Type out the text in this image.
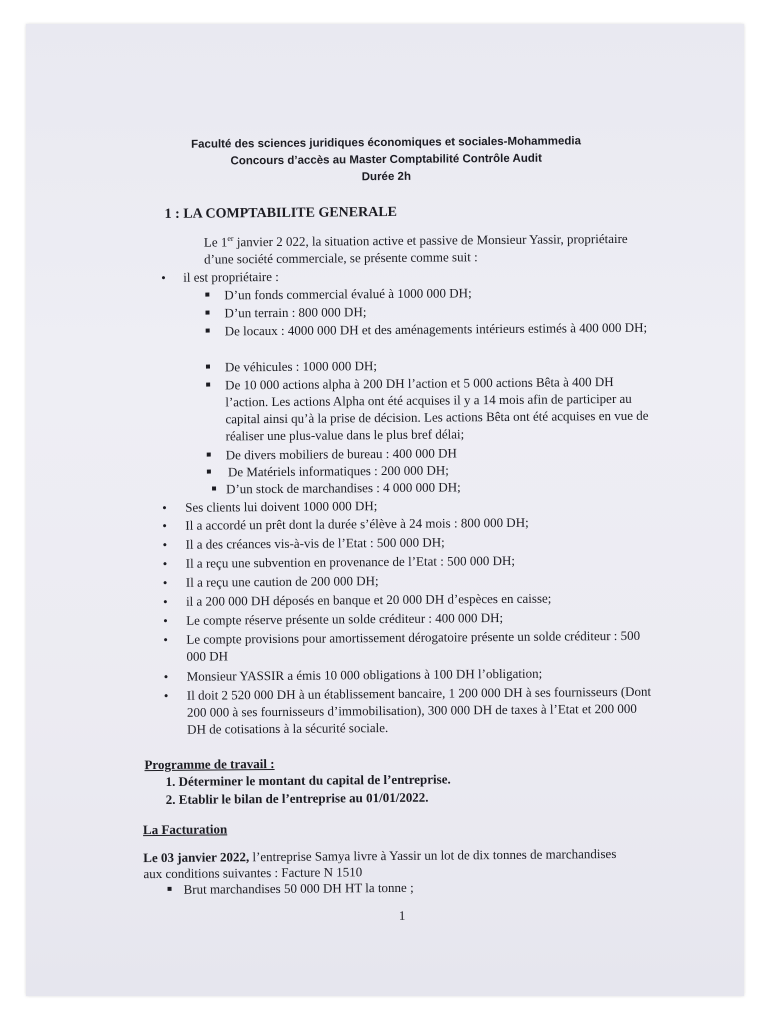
Faculté des sciences juridiques économiques et sociales-Mohammedia
Concours d’accès au Master Comptabilité Contrôle Audit
Durée 2h
1 : LA COMPTABILITE GENERALE
Le 1er janvier 2 022, la situation active et passive de Monsieur Yassir, propriétaire
d’une société commerciale, se présente comme suit :
• il est propriétaire :
D’un fonds commercial évalué à 1000 000 DH;
D’un terrain : 800 000 DH;
De locaux : 4000 000 DH et des aménagements intérieurs estimés à 400 000 DH;
De véhicules : 1000 000 DH;
De 10 000 actions alpha à 200 DH l’action et 5 000 actions Bêta à 400 DH l’action. Les actions Alpha ont été acquises il y a 14 mois afin de participer au capital ainsi qu’à la prise de décision. Les actions Bêta ont été acquises en vue de réaliser une plus-value dans le plus bref délai;
De divers mobiliers de bureau : 400 000 DH
De Matériels informatiques : 200 000 DH;
D’un stock de marchandises : 4 000 000 DH;
• Ses clients lui doivent 1000 000 DH;
• Il a accordé un prêt dont la durée s’élève à 24 mois : 800 000 DH;
• Il a des créances vis-à-vis de l’Etat : 500 000 DH;
• Il a reçu une subvention en provenance de l’Etat : 500 000 DH;
• Il a reçu une caution de 200 000 DH;
• il a 200 000 DH déposés en banque et 20 000 DH d’espèces en caisse;
• Le compte réserve présente un solde créditeur : 400 000 DH;
• Le compte provisions pour amortissement dérogatoire présente un solde créditeur : 500 000 DH
• Monsieur YASSIR a émis 10 000 obligations à 100 DH l’obligation;
• Il doit 2 520 000 DH à un établissement bancaire, 1 200 000 DH à ses fournisseurs (Dont 200 000 à ses fournisseurs d’immobilisation), 300 000 DH de taxes à l’Etat et 200 000 DH de cotisations à la sécurité sociale.
Programme de travail :
1. Déterminer le montant du capital de l’entreprise.
2. Etablir le bilan de l’entreprise au 01/01/2022.
La Facturation
Le 03 janvier 2022, l’entreprise Samya livre à Yassir un lot de dix tonnes de marchandises
aux conditions suivantes : Facture N 1510
Brut marchandises 50 000 DH HT la tonne ;
1
